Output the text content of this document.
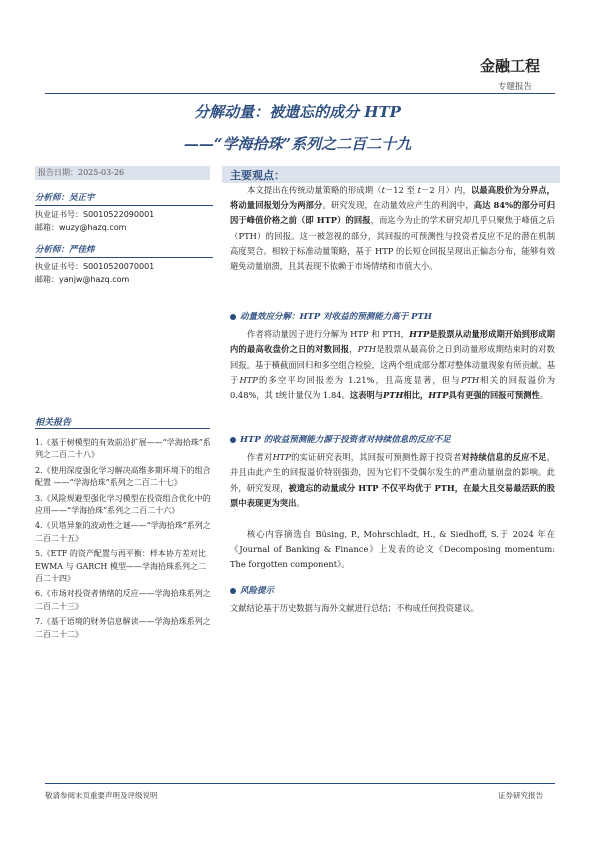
金融工程
专题报告
分解动量：被遗忘的成分 HTP
——“学海拾珠”系列之二百二十九
报告日期：2025-03-26
分析师：吴正宇
执业证书号：S0010522090001
邮箱：wuzy@hazq.com
分析师：严佳炜
执业证书号：S0010520070001
邮箱：yanjw@hazq.com
相关报告
1.《基于树模型的有效前沿扩展——“学海拾珠”系列之二百二十八》
2.《使用深度强化学习解决高维多期环境下的组合配置 ——“学海拾珠”系列之二百二十七》
3.《风险规避型强化学习模型在投资组合优化中的应用——“学海拾珠”系列之二百二十六》
4.《贝塔异象的波动性之谜——“学海拾珠”系列之二百二十五》
5.《ETF 的资产配置与再平衡：样本协方差对比 EWMA 与 GARCH 模型——学海拾珠系列之二百二十四》
6.《市场对投资者情绪的反应——学海拾珠系列之二百二十三》
7.《基于语境的财务信息解读——学海拾珠系列之二百二十二》
主要观点：

本文提出在传统动量策略的形成期（t－12 至 t－2 月）内，以最高股价为分界点，将动量回报划分为两部分。研究发现，在动量效应产生的利润中，高达 84%的部分可归因于峰值价格之前（即 HTP）的回报，而迄今为止的学术研究却几乎只聚焦于峰值之后（PTH）的回报。这一被忽视的部分，其回报的可预测性与投资者反应不足的潜在机制高度契合。相较于标准动量策略，基于 HTP 的长短仓回报呈现出正偏态分布，能够有效避免动量崩溃，且其表现不依赖于市场情绪和市值大小。

动量效应分解：HTP 对收益的预测能力高于 PTH

作者将动量因子进行分解为 HTP 和 PTH，HTP是股票从动量形成期开始到形成期内的最高收盘价之日的对数回报，PTH是股票从最高价之日到动量形成期结束时的对数回报。基于横截面回归和多空组合检验，这两个组成部分都对整体动量现象有所贡献。基于HTP的多空平均回报差为 1.21%，且高度显著，但与PTH相关的回报溢价为 0.48%，其 t统计量仅为 1.84。这表明与PTH相比，HTP具有更强的回报可预测性。

HTP 的收益预测能力源于投资者对持续信息的反应不足

作者对HTP的实证研究表明，其回报可预测性源于投资者对持续信息的反应不足，并且由此产生的回报溢价特别强劲，因为它们不受偶尔发生的严重动量崩盘的影响。此外，研究发现，被遗忘的动量成分 HTP 不仅平均优于 PTH，在最大且交易最活跃的股票中表现更为突出。

核心内容摘选自 Büsing, P., Mohrschladt, H., & Siedhoff, S.于 2024 年在《Journal of Banking & Finance》上发表的论文《Decomposing momentum: The forgotten component》。

风险提示
文献结论基于历史数据与海外文献进行总结；不构成任何投资建议。
敬请参阅末页重要声明及评级说明	证券研究报告
